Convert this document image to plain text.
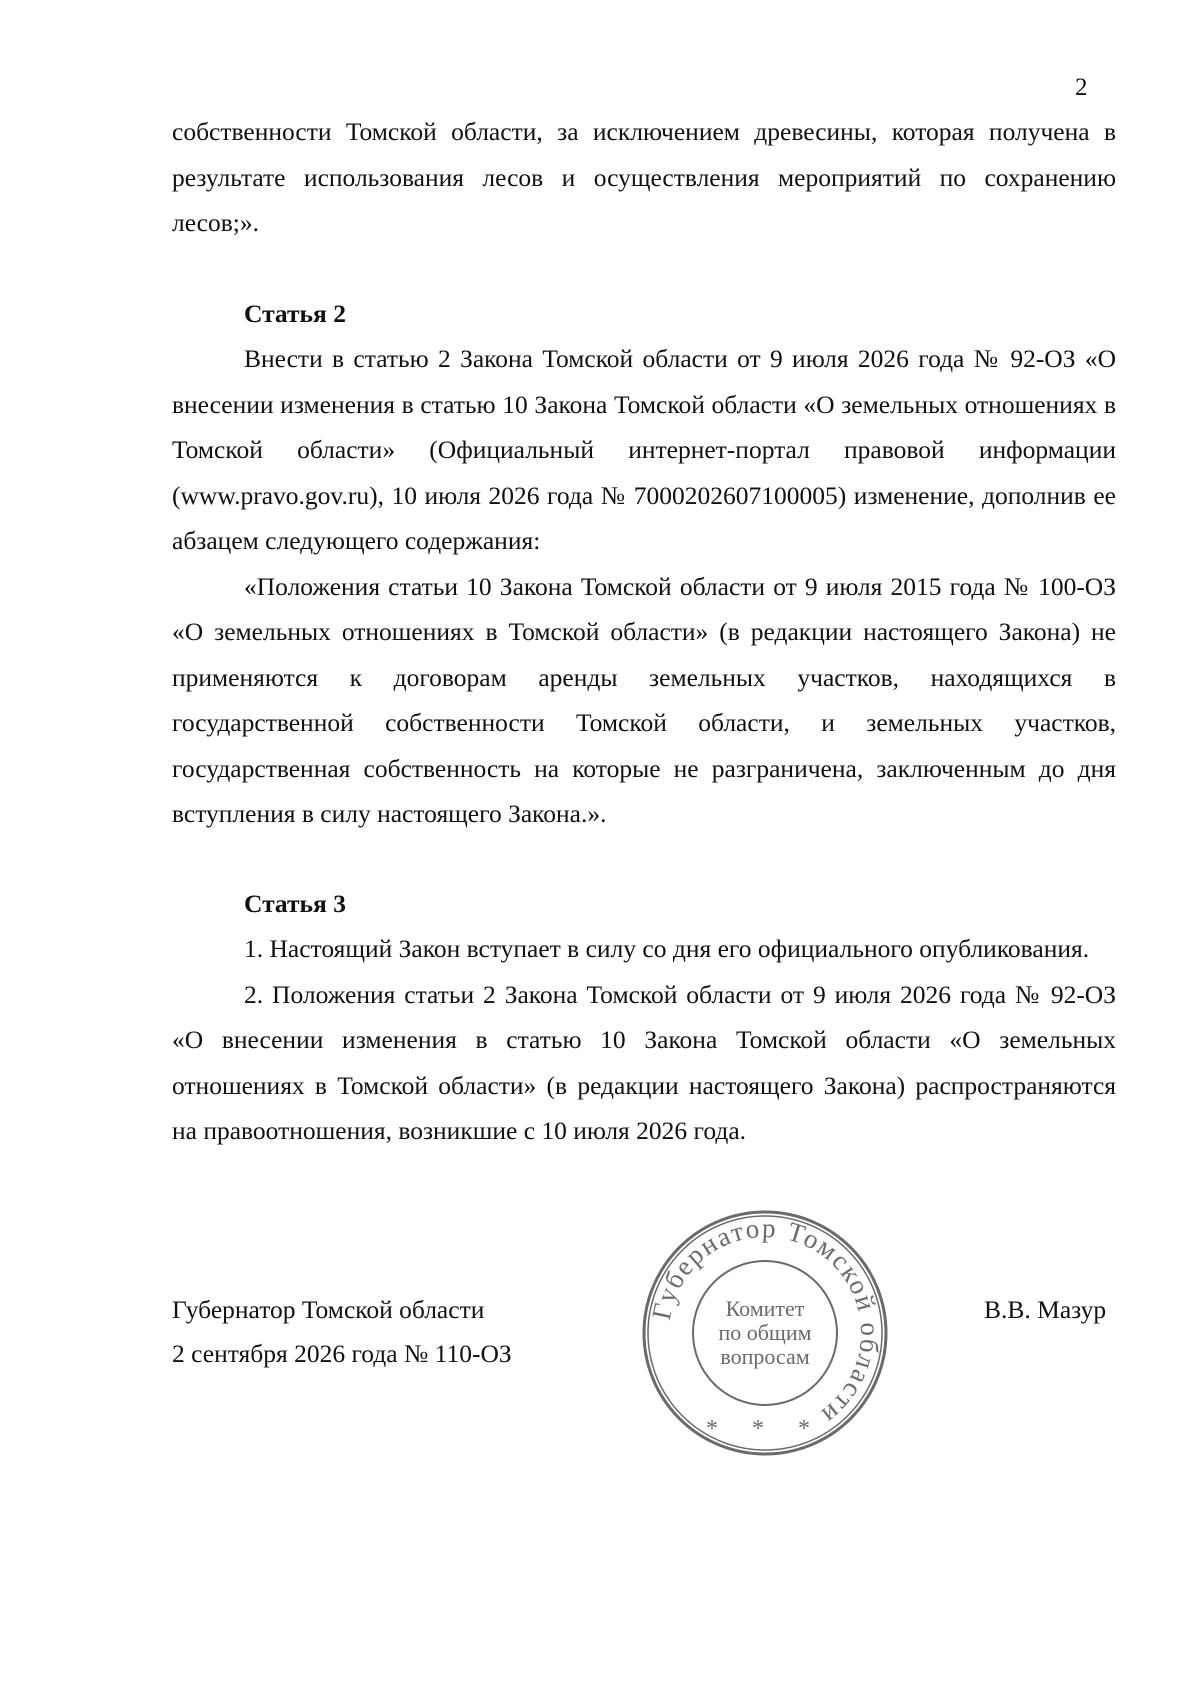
2

собственности Томской области, за исключением древесины, которая получена в результате использования лесов и осуществления мероприятий по сохранению лесов;».

Статья 2

Внести в статью 2 Закона Томской области от 9 июля 2026 года № 92-ОЗ «О внесении изменения в статью 10 Закона Томской области «О земельных отношениях в Томской области» (Официальный интернет-портал правовой информации (www.pravo.gov.ru), 10 июля 2026 года № 7000202607100005) изменение, дополнив ее абзацем следующего содержания:

«Положения статьи 10 Закона Томской области от 9 июля 2015 года № 100-ОЗ «О земельных отношениях в Томской области» (в редакции настоящего Закона) не применяются к договорам аренды земельных участков, находящихся в государственной собственности Томской области, и земельных участков, государственная собственность на которые не разграничена, заключенным до дня вступления в силу настоящего Закона.».

Статья 3

1. Настоящий Закон вступает в силу со дня его официального опубликования.

2. Положения статьи 2 Закона Томской области от 9 июля 2026 года № 92-ОЗ «О внесении изменения в статью 10 Закона Томской области «О земельных отношениях в Томской области» (в редакции настоящего Закона) распространяются на правоотношения, возникшие с 10 июля 2026 года.

Губернатор Томской области
2 сентября 2026 года № 110-ОЗ
В.В. Мазур
Губернатор Томской области
Комитет
по общим
вопросам
* * *
